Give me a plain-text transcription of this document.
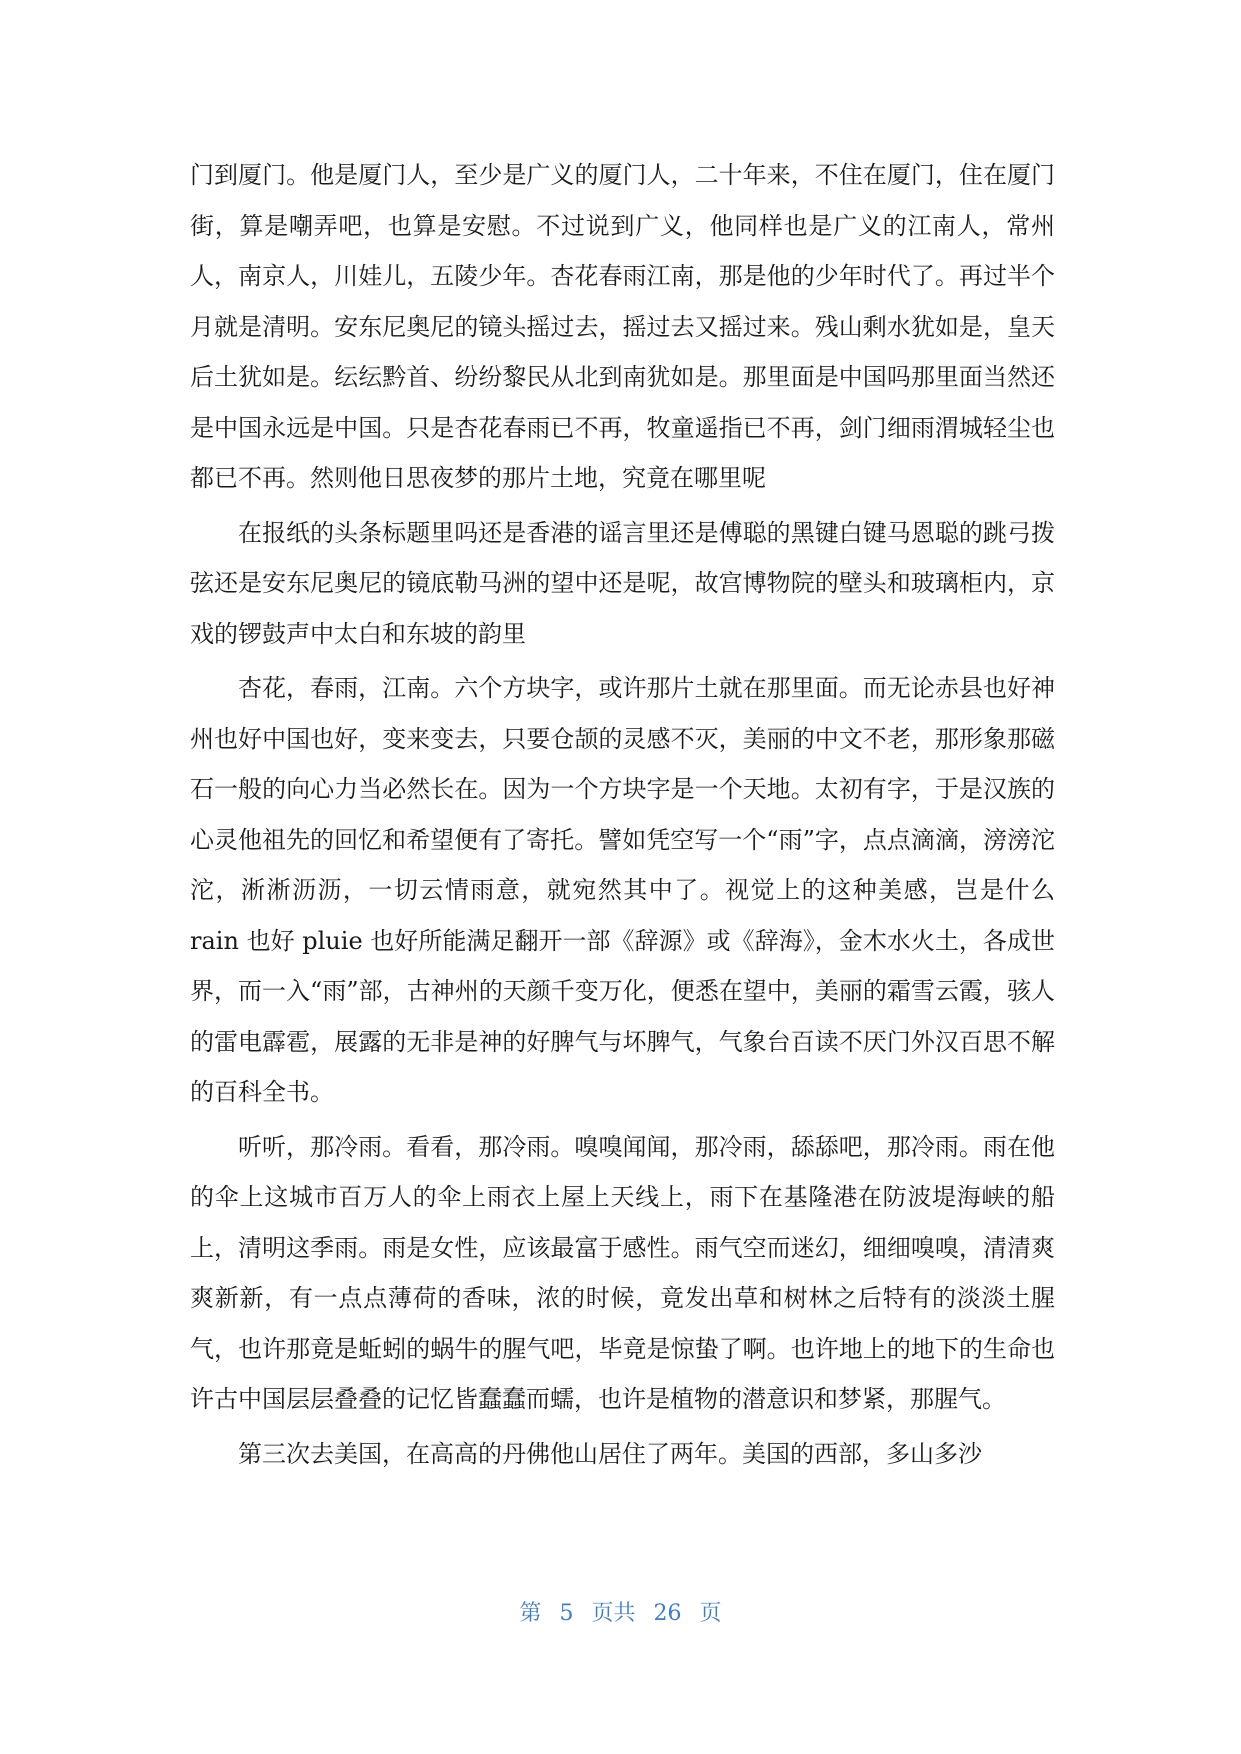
门到厦门。他是厦门人，至少是广义的厦门人，二十年来，不住在厦门，住在厦门街，算是嘲弄吧，也算是安慰。不过说到广义，他同样也是广义的江南人，常州人，南京人，川娃儿，五陵少年。杏花春雨江南，那是他的少年时代了。再过半个月就是清明。安东尼奥尼的镜头摇过去，摇过去又摇过来。残山剩水犹如是，皇天后土犹如是。纭纭黔首、纷纷黎民从北到南犹如是。那里面是中国吗那里面当然还是中国永远是中国。只是杏花春雨已不再，牧童遥指已不再，剑门细雨渭城轻尘也都已不再。然则他日思夜梦的那片土地，究竟在哪里呢

在报纸的头条标题里吗还是香港的谣言里还是傅聪的黑键白键马恩聪的跳弓拨弦还是安东尼奥尼的镜底勒马洲的望中还是呢，故宫博物院的壁头和玻璃柜内，京戏的锣鼓声中太白和东坡的韵里

杏花，春雨，江南。六个方块字，或许那片土就在那里面。而无论赤县也好神州也好中国也好，变来变去，只要仓颉的灵感不灭，美丽的中文不老，那形象那磁石一般的向心力当必然长在。因为一个方块字是一个天地。太初有字，于是汉族的心灵他祖先的回忆和希望便有了寄托。譬如凭空写一个“雨”字，点点滴滴，滂滂沱沱，淅淅沥沥，一切云情雨意，就宛然其中了。视觉上的这种美感，岂是什么 rain 也好 pluie 也好所能满足翻开一部《辞源》或《辞海》，金木水火土，各成世界，而一入“雨”部，古神州的天颜千变万化，便悉在望中，美丽的霜雪云霞，骇人的雷电霹雹，展露的无非是神的好脾气与坏脾气，气象台百读不厌门外汉百思不解的百科全书。

听听，那冷雨。看看，那冷雨。嗅嗅闻闻，那冷雨，舔舔吧，那冷雨。雨在他的伞上这城市百万人的伞上雨衣上屋上天线上，雨下在基隆港在防波堤海峡的船上，清明这季雨。雨是女性，应该最富于感性。雨气空而迷幻，细细嗅嗅，清清爽爽新新，有一点点薄荷的香味，浓的时候，竟发出草和树林之后特有的淡淡土腥气，也许那竟是蚯蚓的蜗牛的腥气吧，毕竟是惊蛰了啊。也许地上的地下的生命也许古中国层层叠叠的记忆皆蠢蠢而蠕，也许是植物的潜意识和梦紧，那腥气。

第三次去美国，在高高的丹佛他山居住了两年。美国的西部，多山多沙

第 5 页共 26 页
